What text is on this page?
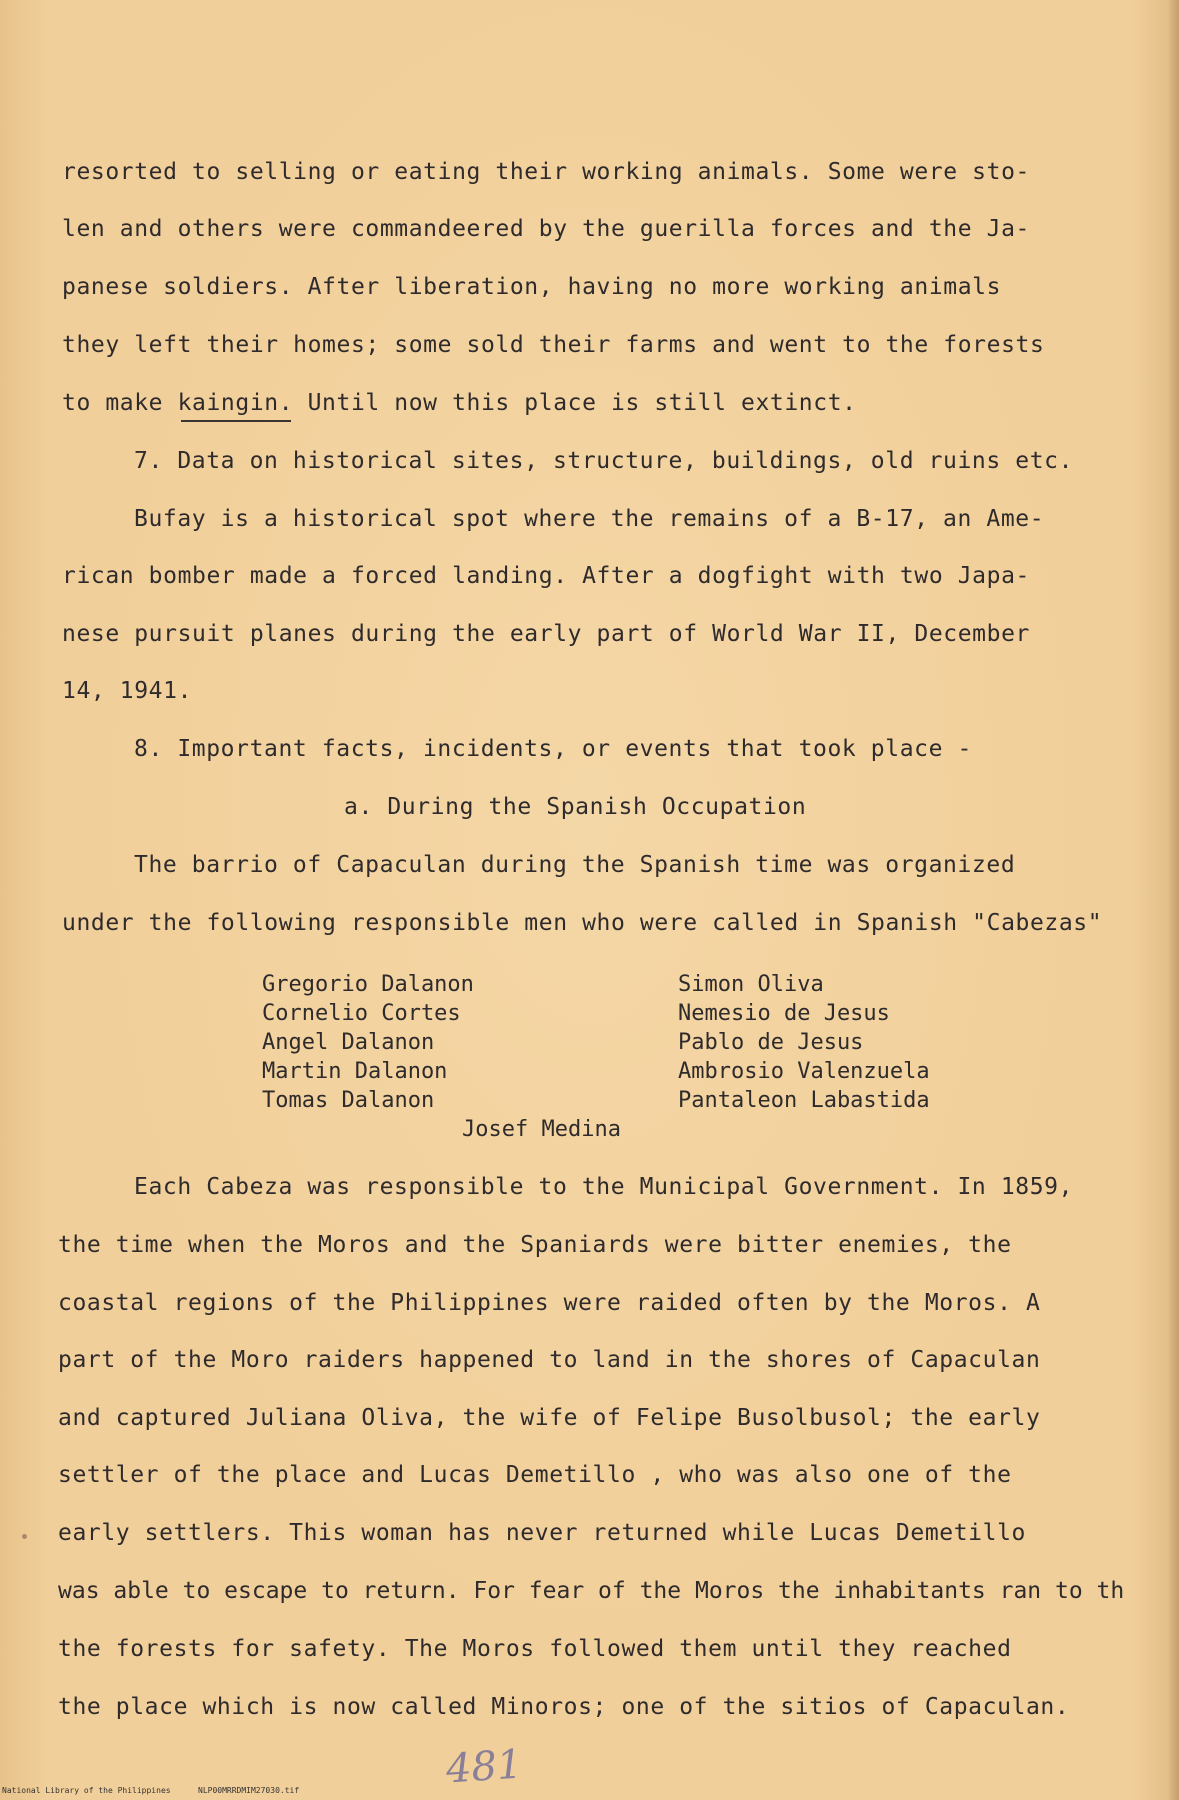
resorted to selling or eating their working animals. Some were sto-
len and others were commandeered by the guerilla forces and the Ja-
panese soldiers. After liberation, having no more working animals
they left their homes; some sold their farms and went to the forests
to make kaingin. Until now this place is still extinct.
7. Data on historical sites, structure, buildings, old ruins etc.
Bufay is a historical spot where the remains of a B-17, an Ame-
rican bomber made a forced landing. After a dogfight with two Japa-
nese pursuit planes during the early part of World War II, December
14, 1941.
8. Important facts, incidents, or events that took place -
a. During the Spanish Occupation
The barrio of Capaculan during the Spanish time was organized
under the following responsible men who were called in Spanish "Cabezas"
Gregorio Dalanon
Cornelio Cortes
Angel Dalanon
Martin Dalanon
Tomas Dalanon
Simon Oliva
Nemesio de Jesus
Pablo de Jesus
Ambrosio Valenzuela
Pantaleon Labastida
Josef Medina
Each Cabeza was responsible to the Municipal Government. In 1859,
the time when the Moros and the Spaniards were bitter enemies, the
coastal regions of the Philippines were raided often by the Moros. A
part of the Moro raiders happened to land in the shores of Capaculan
and captured Juliana Oliva, the wife of Felipe Busolbusol; the early
settler of the place and Lucas Demetillo , who was also one of the
early settlers. This woman has never returned while Lucas Demetillo
was able to escape to return. For fear of the Moros the inhabitants ran to th
the forests for safety. The Moros followed them until they reached
the place which is now called Minoros; one of the sitios of Capaculan.
481
National Library of the Philippines	NLP00MRRDMIM27030.tif
